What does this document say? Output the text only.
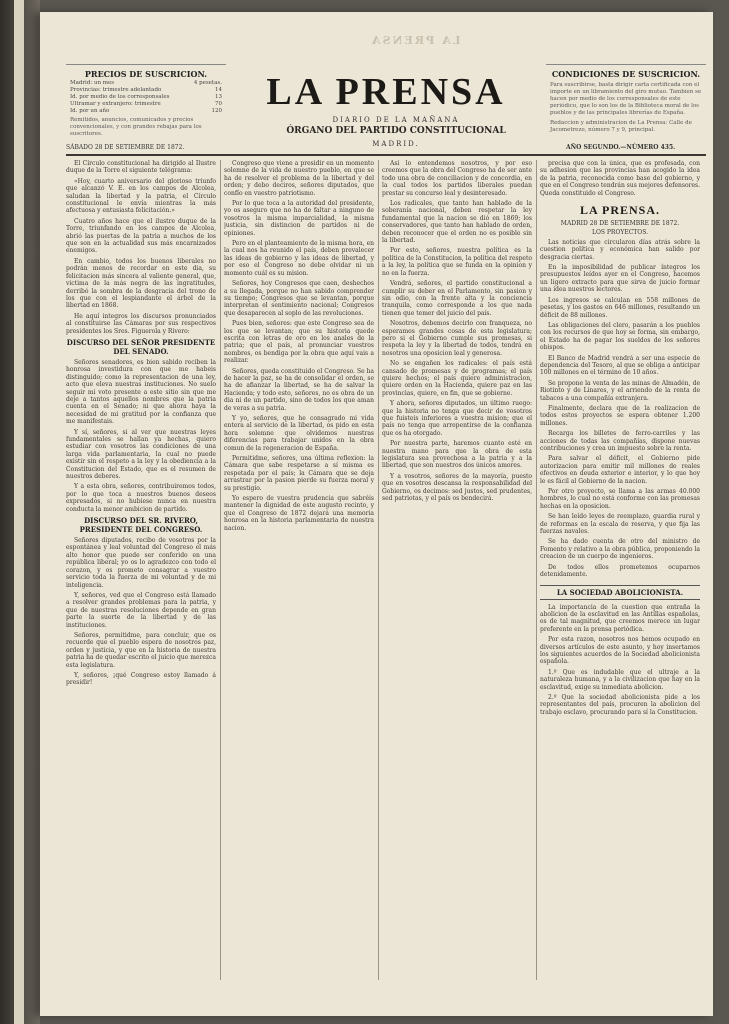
LA PRENSA
PRECIOS DE SUSCRICION.
Madrid: un mes	4 pesetas.
Provincias: trimestre adelantado	14
Id. por medio de los corresponsales	13
Ultramar y extranjero: trimestre	70
Id. por un año	120
Remitidos, anuncios, comunicados y precios convencionales, y con grandes rebajas para los suscritores.
LA PRENSA
DIARIO DE LA MAÑANA
ÓRGANO DEL PARTIDO CONSTITUCIONAL
MADRID.
CONDICIONES DE SUSCRICION.
Para suscribirse, basta dirigir carta certificada con el importe en un libramiento del giro mutuo. Tambien se hacen por medio de los corresponsales de este periódico, que lo son los de la Biblioteca moral de los pueblos y de las principales librerías de España.
Redaccion y administracion de La Prensa: Calle de Jacometrezo, número 7 y 9, principal.
SÁBADO 28 DE SETIEMBRE DE 1872.	AÑO SEGUNDO.—NÚMERO 435.

El Círculo constitucional ha dirigido al Ilustre duque de la Torre el siguiente telégrama:

«Hoy, cuarto aniversario del glorioso triunfo que alcanzó V. E. en los campos de Alcolea, saludan la libertad y la patria, el Círculo constitucional le envía mientras la más afectuosa y entusiasta felicitación.»

Cuatro años hace que el ilustre duque de la Torre, triunfando en los campos de Alcolea, abrió las puertas de la patria a muchos de los que son en la actualidad sus más encarnizados enemigos.

En cambio, todos los buenos liberales no podrán menos de recordar en este dia, su felicitacion más sincera al valiente general, que, victima de la más negra de las ingratitudes, derribó la sombra de la desgracia del trono de los que con el lespiandante el árbol de la libertad en 1868.

He aquí integros los discursos pronunciados al constituirse las Cámaras por sus respectivos presidentes los Sres. Figuerola y Rivero:

DISCURSO DEL SEÑOR PRESIDENTE DEL SENADO.

Señores senadores, es bien sabido reciben la honrosa investidura con que me habeis distinguido; como la representacion de una ley, acto que eleva nuestras instituciones. No suelo seguir mi voto presente a este sitio sin que me deje a tantos aquellos nombres que la patria cuenta en el Senado; ni que ahora haya la necesidad de mi gratitud por la confianza que me manifestais.

Y sí, señores, si al ver que nuestras leyes fundamentales se hallan ya hechas, quiero estudiar con vosotros las condiciones de una larga vida parlamentaria, la cual no puede existir sin el respeto a la ley y la obediencia a la Constitucion del Estado, que es el resumen de nuestros deberes.

Y a esta obra, señores, contribuiremos todos, por lo que toca a nuestros buenos deseos expresados, si no hubiese nunca en nuestra conducta la menor ambicion de partido.

DISCURSO DEL SR. RIVERO, PRESIDENTE DEL CONGRESO.

Señores diputados, recibo de vosotros por la espontánea y leal voluntad del Congreso el más alto honor que puede ser conferido en una república liberal; yo os lo agradezco con todo el corazon, y os prometo consagrar a vuestro servicio toda la fuerza de mi voluntad y de mi inteligencia.

Y, señores, ved que el Congreso está llamado a resolver grandes problemas para la patria, y que de nuestras resoluciones depende en gran parte la suerte de la libertad y de las instituciones.

Señores, permitidme, para concluir, que os recuerde que el pueblo espera de nosotros paz, orden y justicia, y que en la historia de nuestra patria ha de quedar escrito el juicio que merezca esta legislatura.

Y, señores, ¡qué Congreso estoy llamado á presidir!

Congreso que viene a presidir en un momento solemne de la vida de nuestro pueblo, en que se ha de resolver el problema de la libertad y del orden; y debo deciros, señores diputados, que confío en vuestro patriotismo.

Por lo que toca a la autoridad del presidente, yo os aseguro que no ha de faltar a ninguno de vosotros la misma imparcialidad, la misma justicia, sin distincion de partidos ni de opiniones.

Pero en el planteamiento de la misma hora, en la cual nos ha reunido el país, deben prevalecer las ideas de gobierno y las ideas de libertad, y por eso el Congreso no debe olvidar ni un momento cuál es su mision.

Señores, hoy Congresos que caen, deshechos a su llegada, porque no han sabido comprender su tiempo; Congresos que se levantan, porque interpretan el sentimiento nacional; Congresos que desaparecen al soplo de las revoluciones.

Pues bien, señores: que este Congreso sea de los que se levantan; que su historia quede escrita con letras de oro en los anales de la patria; que el país, al pronunciar vuestros nombres, os bendiga por la obra que aquí vais a realizar.

Señores, queda constituido el Congreso. Se ha de hacer la paz, se ha de consolidar el orden, se ha de afianzar la libertad, se ha de salvar la Hacienda; y todo esto, señores, no es obra de un dia ni de un partido, sino de todos los que aman de veras a su patria.

Y yo, señores, que he consagrado mi vida entera al servicio de la libertad, os pido en esta hora solemne que olvidemos nuestras diferencias para trabajar unidos en la obra comun de la regeneracion de España.

Permitidme, señores, una última reflexion: la Cámara que sabe respetarse a sí misma es respetada por el país; la Cámara que se deja arrastrar por la pasion pierde su fuerza moral y su prestigio.

Yo espero de vuestra prudencia que sabréis mantener la dignidad de este augusto recinto, y que el Congreso de 1872 dejará una memoria honrosa en la historia parlamentaria de nuestra nacion.

Así lo entendemos nosotros, y por eso creemos que la obra del Congreso ha de ser ante todo una obra de conciliacion y de concordia, en la cual todos los partidos liberales puedan prestar su concurso leal y desinteresado.

Los radicales, que tanto han hablado de la soberanía nacional, deben respetar la ley fundamental que la nacion se dió en 1869; los conservadores, que tanto han hablado de orden, deben reconocer que el orden no es posible sin la libertad.

Por esto, señores, nuestra política es la política de la Constitucion, la política del respeto a la ley, la política que se funda en la opinion y no en la fuerza.

Vendrá, señores, el partido constitucional a cumplir su deber en el Parlamento, sin pasion y sin odio, con la frente alta y la conciencia tranquila, como corresponde a los que nada tienen que temer del juicio del país.

Nosotros, debemos decirlo con franqueza, no esperamos grandes cosas de esta legislatura; pero si el Gobierno cumple sus promesas, si respeta la ley y la libertad de todos, tendrá en nosotros una oposicion leal y generosa.

No se engañen los radicales: el país está cansado de promesas y de programas; el país quiere hechos; el país quiere administracion, quiere orden en la Hacienda, quiere paz en las provincias, quiere, en fin, que se gobierne.

Y ahora, señores diputados, un último ruego: que la historia no tenga que decir de vosotros que fuisteis inferiores a vuestra mision; que el país no tenga que arrepentirse de la confianza que os ha otorgado.

Por nuestra parte, haremos cuanto esté en nuestra mano para que la obra de esta legislatura sea provechosa a la patria y a la libertad, que son nuestros dos únicos amores.

Y a vosotros, señores de la mayoría, puesto que en vosotros descansa la responsabilidad del Gobierno, os decimos: sed justos, sed prudentes, sed patriotas, y el país os bendecirá.

precisa que con la única, que es profesada, con su adhesion que las provincias han acogido la idea de la patria, reconocida como base del gobierno, y que en el Congreso tendrán sus mejores defensores. Queda constituido el Congreso.

LA PRENSA.
MADRID 28 DE SETIEMBRE DE 1872.
LOS PROYECTOS.

Las noticias que circularon días atrás sobre la cuestion política y económica han salido por desgracia ciertas.

En la imposibilidad de publicar íntegros los presupuestos leídos ayer en el Congreso, hacemos un ligero extracto para que sirva de juicio formar una idea nuestros lectores.

Los ingresos se calculan en 558 millones de pesetas, y los gastos en 646 millones, resultando un déficit de 88 millones.

Las obligaciones del clero, pasarán a los pueblos con los recursos de que hoy se forma, sin embargo, el Estado ha de pagar los sueldos de los señores obispos.

El Banco de Madrid vendrá a ser una especie de dependencia del Tesoro, al que se obliga a anticipar 100 millones en el término de 10 años.

Se propone la venta de las minas de Almadén, de Riotinto y de Linares, y el arriendo de la renta de tabacos a una compañía extranjera.

Finalmente, declara que de la realizacion de todos estos proyectos se espera obtener 1.200 millones.

Recarga los billetes de ferro-carriles y las acciones de todas las compañías, dispone nuevas contribuciones y crea un impuesto sobre la renta.

Para salvar el déficit, el Gobierno pide autorizacion para emitir mil millones de reales efectivos en deuda exterior e interior, y lo que hoy le es fácil al Gobierno de la nacion.

Por otro proyecto, se llama a las armas 40.000 hombres, lo cual no está conforme con las promesas hechas en la oposicion.

Se han leído leyes de reemplazo, guardia rural y de reformas en la escala de reserva, y que fija las fuerzas navales.

Se ha dado cuenta de otro del ministro de Fomento y relativo a la obra pública, proponiendo la creacion de un cuerpo de ingenieros.

De todos ellos prometemos ocuparnos detenidamente.

LA SOCIEDAD ABOLICIONISTA.

La importancia de la cuestion que entraña la abolicion de la esclavitud en las Antillas españolas, es de tal magnitud, que creemos merece un lugar preferente en la prensa periódica.

Por esta razon, nosotros nos hemos ocupado en diversos artículos de este asunto, y hoy insertamos los siguientes acuerdos de la Sociedad abolicionista española.

1.º Que es indudable que el ultraje a la naturaleza humana, y a la civilizacion que hay en la esclavitud, exige su inmediata abolicion.

2.º Que la sociedad abolicionista pide a los representantes del país, procuren la abolicion del trabajo esclavo, procurando para sí la Constitucion.
